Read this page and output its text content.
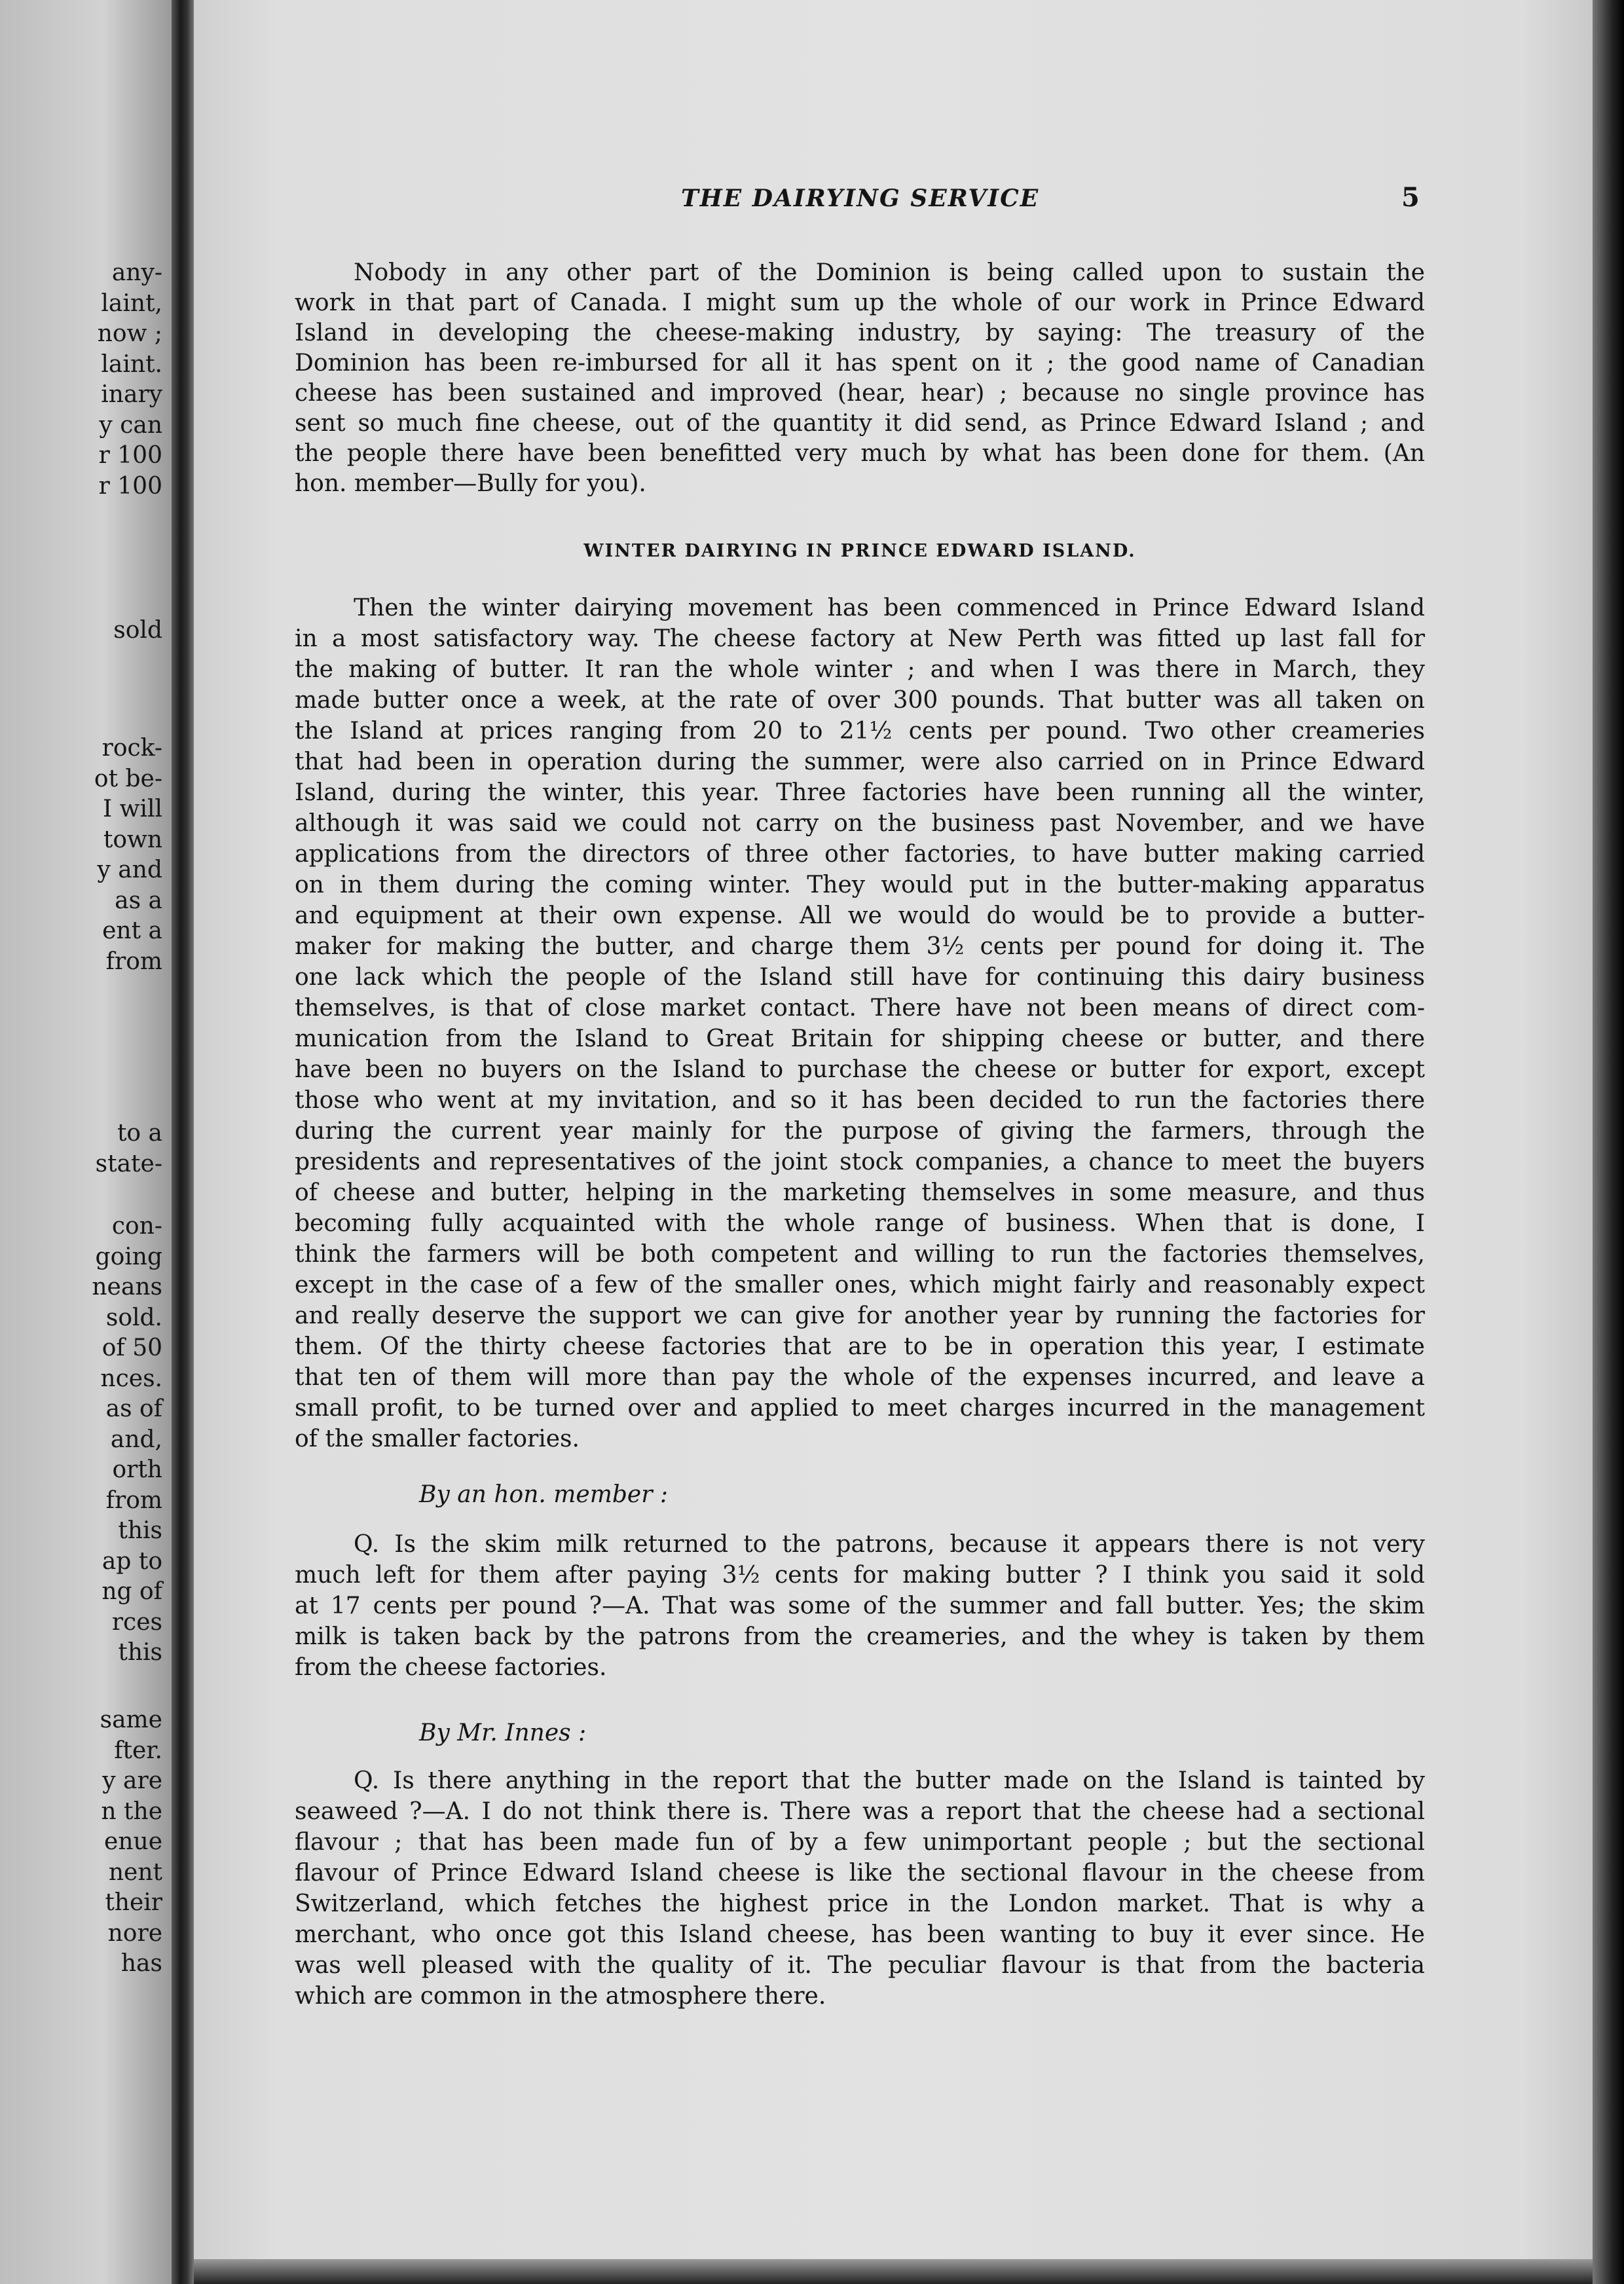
any-
laint,
now ;
laint.
inary
y can
r 100
r 100
sold
rock-
ot be-
I will
town
y and
as a
ent a
from
to a
state-
con-
going
neans
sold.
of 50
nces.
as of
and,
orth
from
this
ap to
ng of
rces
this
same
fter.
y are
n the
enue
nent
their
nore
has
THE DAIRYING SERVICE	5
Nobody in any other part of the Dominion is being called upon to sustain the
work in that part of Canada. I might sum up the whole of our work in Prince Edward
Island in developing the cheese-making industry, by saying: The treasury of the
Dominion has been re-imbursed for all it has spent on it ; the good name of Canadian
cheese has been sustained and improved (hear, hear) ; because no single province has
sent so much fine cheese, out of the quantity it did send, as Prince Edward Island ; and
the people there have been benefitted very much by what has been done for them. (An
hon. member—Bully for you).
WINTER DAIRYING IN PRINCE EDWARD ISLAND.
Then the winter dairying movement has been commenced in Prince Edward Island
in a most satisfactory way. The cheese factory at New Perth was fitted up last fall for
the making of butter. It ran the whole winter ; and when I was there in March, they
made butter once a week, at the rate of over 300 pounds. That butter was all taken on
the Island at prices ranging from 20 to 21½ cents per pound. Two other creameries
that had been in operation during the summer, were also carried on in Prince Edward
Island, during the winter, this year. Three factories have been running all the winter,
although it was said we could not carry on the business past November, and we have
applications from the directors of three other factories, to have butter making carried
on in them during the coming winter. They would put in the butter-making apparatus
and equipment at their own expense. All we would do would be to provide a butter-
maker for making the butter, and charge them 3½ cents per pound for doing it. The
one lack which the people of the Island still have for continuing this dairy business
themselves, is that of close market contact. There have not been means of direct com-
munication from the Island to Great Britain for shipping cheese or butter, and there
have been no buyers on the Island to purchase the cheese or butter for export, except
those who went at my invitation, and so it has been decided to run the factories there
during the current year mainly for the purpose of giving the farmers, through the
presidents and representatives of the joint stock companies, a chance to meet the buyers
of cheese and butter, helping in the marketing themselves in some measure, and thus
becoming fully acquainted with the whole range of business. When that is done, I
think the farmers will be both competent and willing to run the factories themselves,
except in the case of a few of the smaller ones, which might fairly and reasonably expect
and really deserve the support we can give for another year by running the factories for
them. Of the thirty cheese factories that are to be in operation this year, I estimate
that ten of them will more than pay the whole of the expenses incurred, and leave a
small profit, to be turned over and applied to meet charges incurred in the management
of the smaller factories.
By an hon. member :
Q. Is the skim milk returned to the patrons, because it appears there is not very
much left for them after paying 3½ cents for making butter ? I think you said it sold
at 17 cents per pound ?—A. That was some of the summer and fall butter. Yes; the skim
milk is taken back by the patrons from the creameries, and the whey is taken by them
from the cheese factories.
By Mr. Innes :
Q. Is there anything in the report that the butter made on the Island is tainted by
seaweed ?—A. I do not think there is. There was a report that the cheese had a sectional
flavour ; that has been made fun of by a few unimportant people ; but the sectional
flavour of Prince Edward Island cheese is like the sectional flavour in the cheese from
Switzerland, which fetches the highest price in the London market. That is why a
merchant, who once got this Island cheese, has been wanting to buy it ever since. He
was well pleased with the quality of it. The peculiar flavour is that from the bacteria
which are common in the atmosphere there.
